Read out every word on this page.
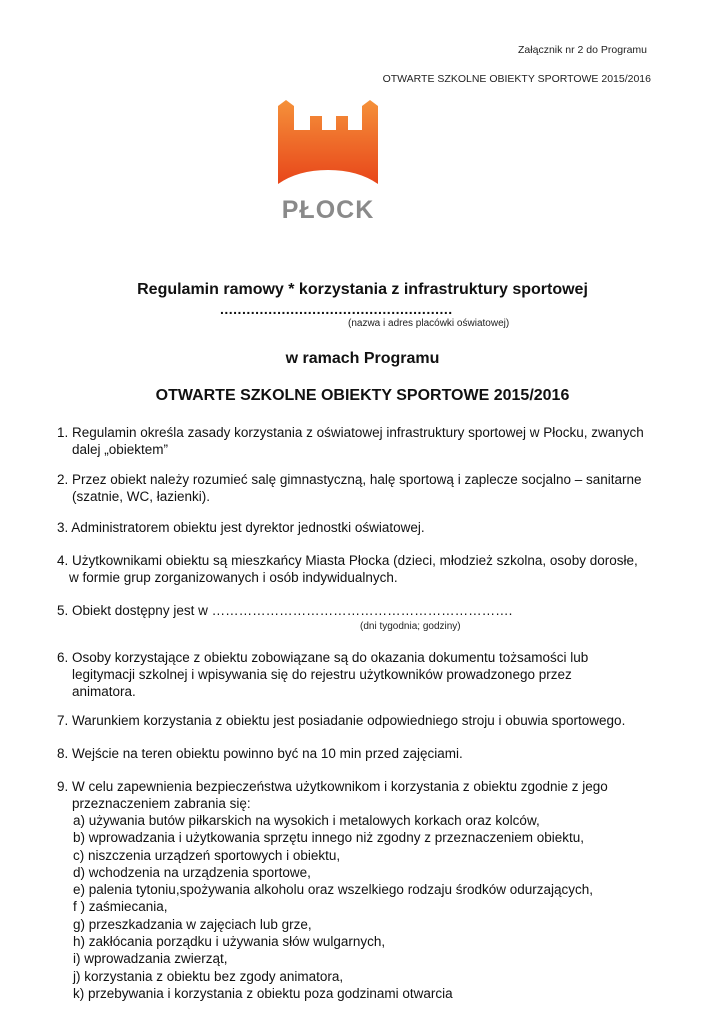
Załącznik nr 2 do Programu
OTWARTE SZKOLNE OBIEKTY SPORTOWE 2015/2016
PŁOCK
Regulamin ramowy * korzystania z infrastruktury sportowej
.....................................................
(nazwa i adres placówki oświatowej)
w ramach Programu
OTWARTE SZKOLNE OBIEKTY SPORTOWE 2015/2016
1. Regulamin określa zasady korzystania z oświatowej infrastruktury sportowej w Płocku, zwanych
dalej „obiektem”
2. Przez obiekt należy rozumieć salę gimnastyczną, halę sportową i zaplecze socjalno – sanitarne
(szatnie, WC, łazienki).
3. Administratorem obiektu jest dyrektor jednostki oświatowej.
4. Użytkownikami obiektu są mieszkańcy Miasta Płocka (dzieci, młodzież szkolna, osoby dorosłe,
w formie grup zorganizowanych i osób indywidualnych.
5. Obiekt dostępny jest w ………………………………………………………….
(dni tygodnia; godziny)
6. Osoby korzystające z obiektu zobowiązane są do okazania dokumentu tożsamości lub
legitymacji szkolnej i wpisywania się do rejestru użytkowników prowadzonego przez
animatora.
7. Warunkiem korzystania z obiektu jest posiadanie odpowiedniego stroju i obuwia sportowego.
8. Wejście na teren obiektu powinno być na 10 min przed zajęciami.
9. W celu zapewnienia bezpieczeństwa użytkownikom i korzystania z obiektu zgodnie z jego
przeznaczeniem zabrania się:
a) używania butów piłkarskich na wysokich i metalowych korkach oraz kolców,
b) wprowadzania i użytkowania sprzętu innego niż zgodny z przeznaczeniem obiektu,
c) niszczenia urządzeń sportowych i obiektu,
d) wchodzenia na urządzenia sportowe,
e) palenia tytoniu,spożywania alkoholu oraz wszelkiego rodzaju środków odurzających,
f ) zaśmiecania,
g) przeszkadzania w zajęciach lub grze,
h) zakłócania porządku i używania słów wulgarnych,
i) wprowadzania zwierząt,
j) korzystania z obiektu bez zgody animatora,
k) przebywania i korzystania z obiektu poza godzinami otwarcia
